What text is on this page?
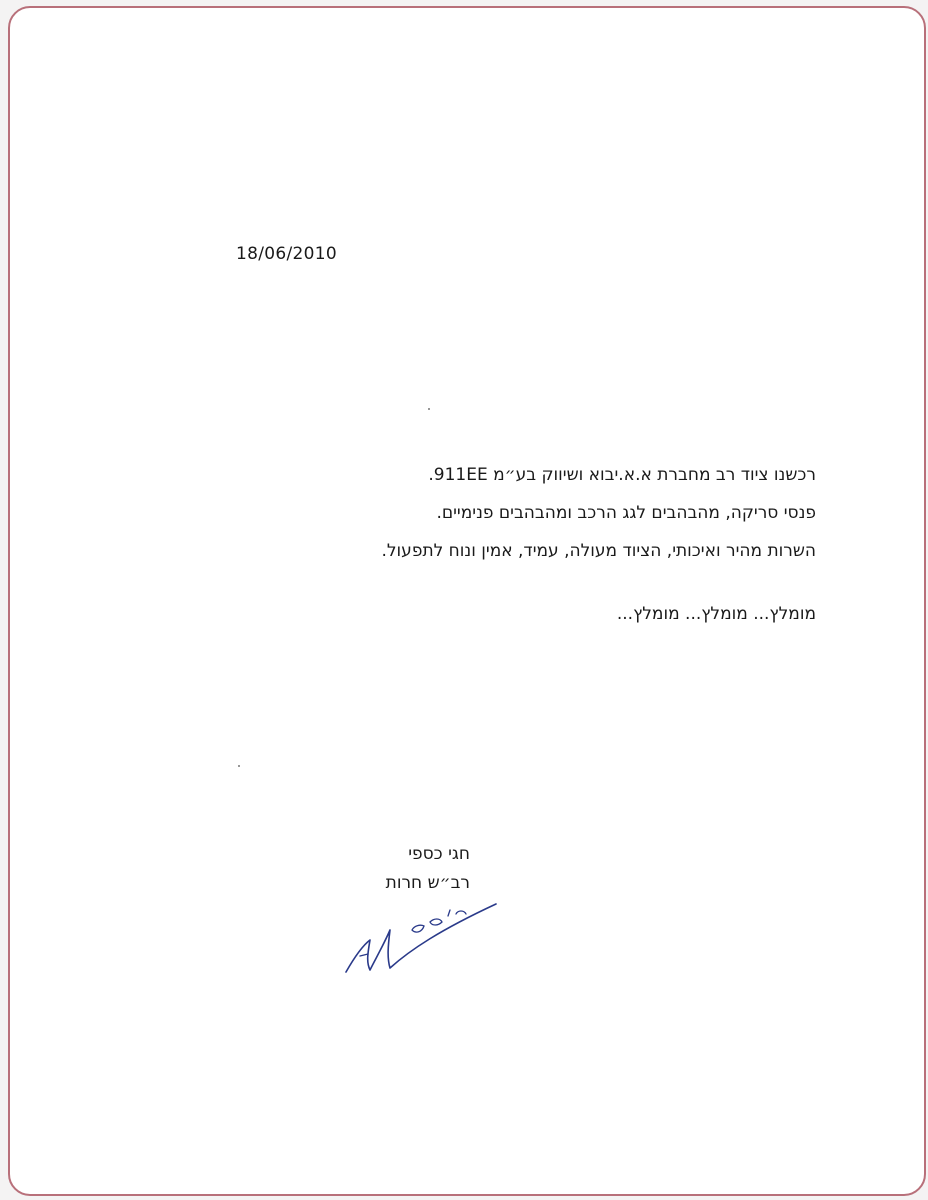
18/06/2010
רכשנו ציוד רב מחברת א.א.יבוא ושיווק בע״מ 911EE.
פנסי סריקה, מהבהבים לגג הרכב ומהבהבים פנימיים.
השרות מהיר ואיכותי, הציוד מעולה, עמיד, אמין ונוח לתפעול.
מומלץ... מומלץ... מומלץ...
חגי כספי
רב״ש חרות
